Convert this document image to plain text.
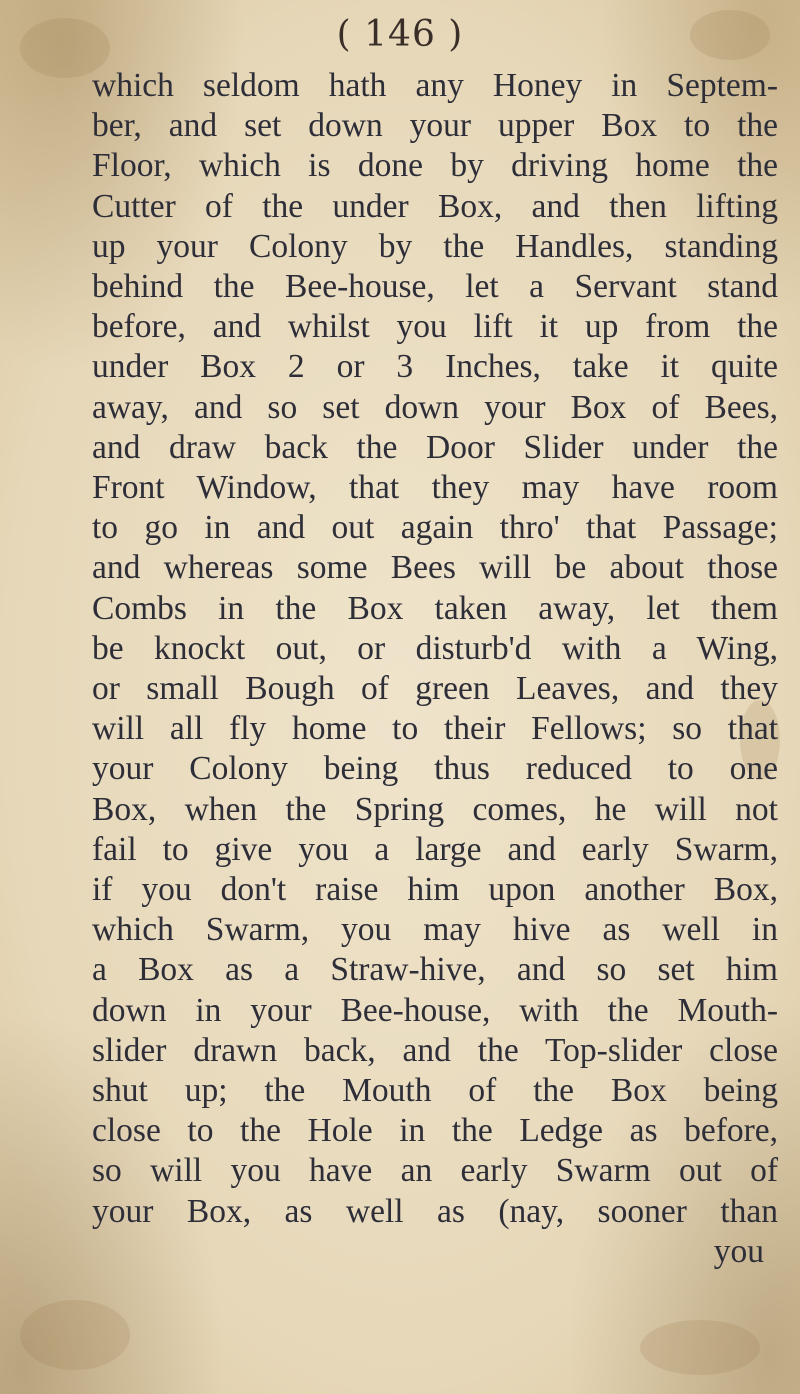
( 146 )
which seldom hath any Honey in Septem-
ber, and set down your upper Box to the
Floor, which is done by driving home the
Cutter of the under Box, and then lifting
up your Colony by the Handles, standing
behind the Bee-house, let a Servant stand
before, and whilst you lift it up from the
under Box 2 or 3 Inches, take it quite
away, and so set down your Box of Bees,
and draw back the Door Slider under the
Front Window, that they may have room
to go in and out again thro' that Passage;
and whereas some Bees will be about those
Combs in the Box taken away, let them
be knockt out, or disturb'd with a Wing,
or small Bough of green Leaves, and they
will all fly home to their Fellows; so that
your Colony being thus reduced to one
Box, when the Spring comes, he will not
fail to give you a large and early Swarm,
if you don't raise him upon another Box,
which Swarm, you may hive as well in
a Box as a Straw-hive, and so set him
down in your Bee-house, with the Mouth-
slider drawn back, and the Top-slider close
shut up; the Mouth of the Box being
close to the Hole in the Ledge as before,
so will you have an early Swarm out of
your Box, as well as (nay, sooner than
you
